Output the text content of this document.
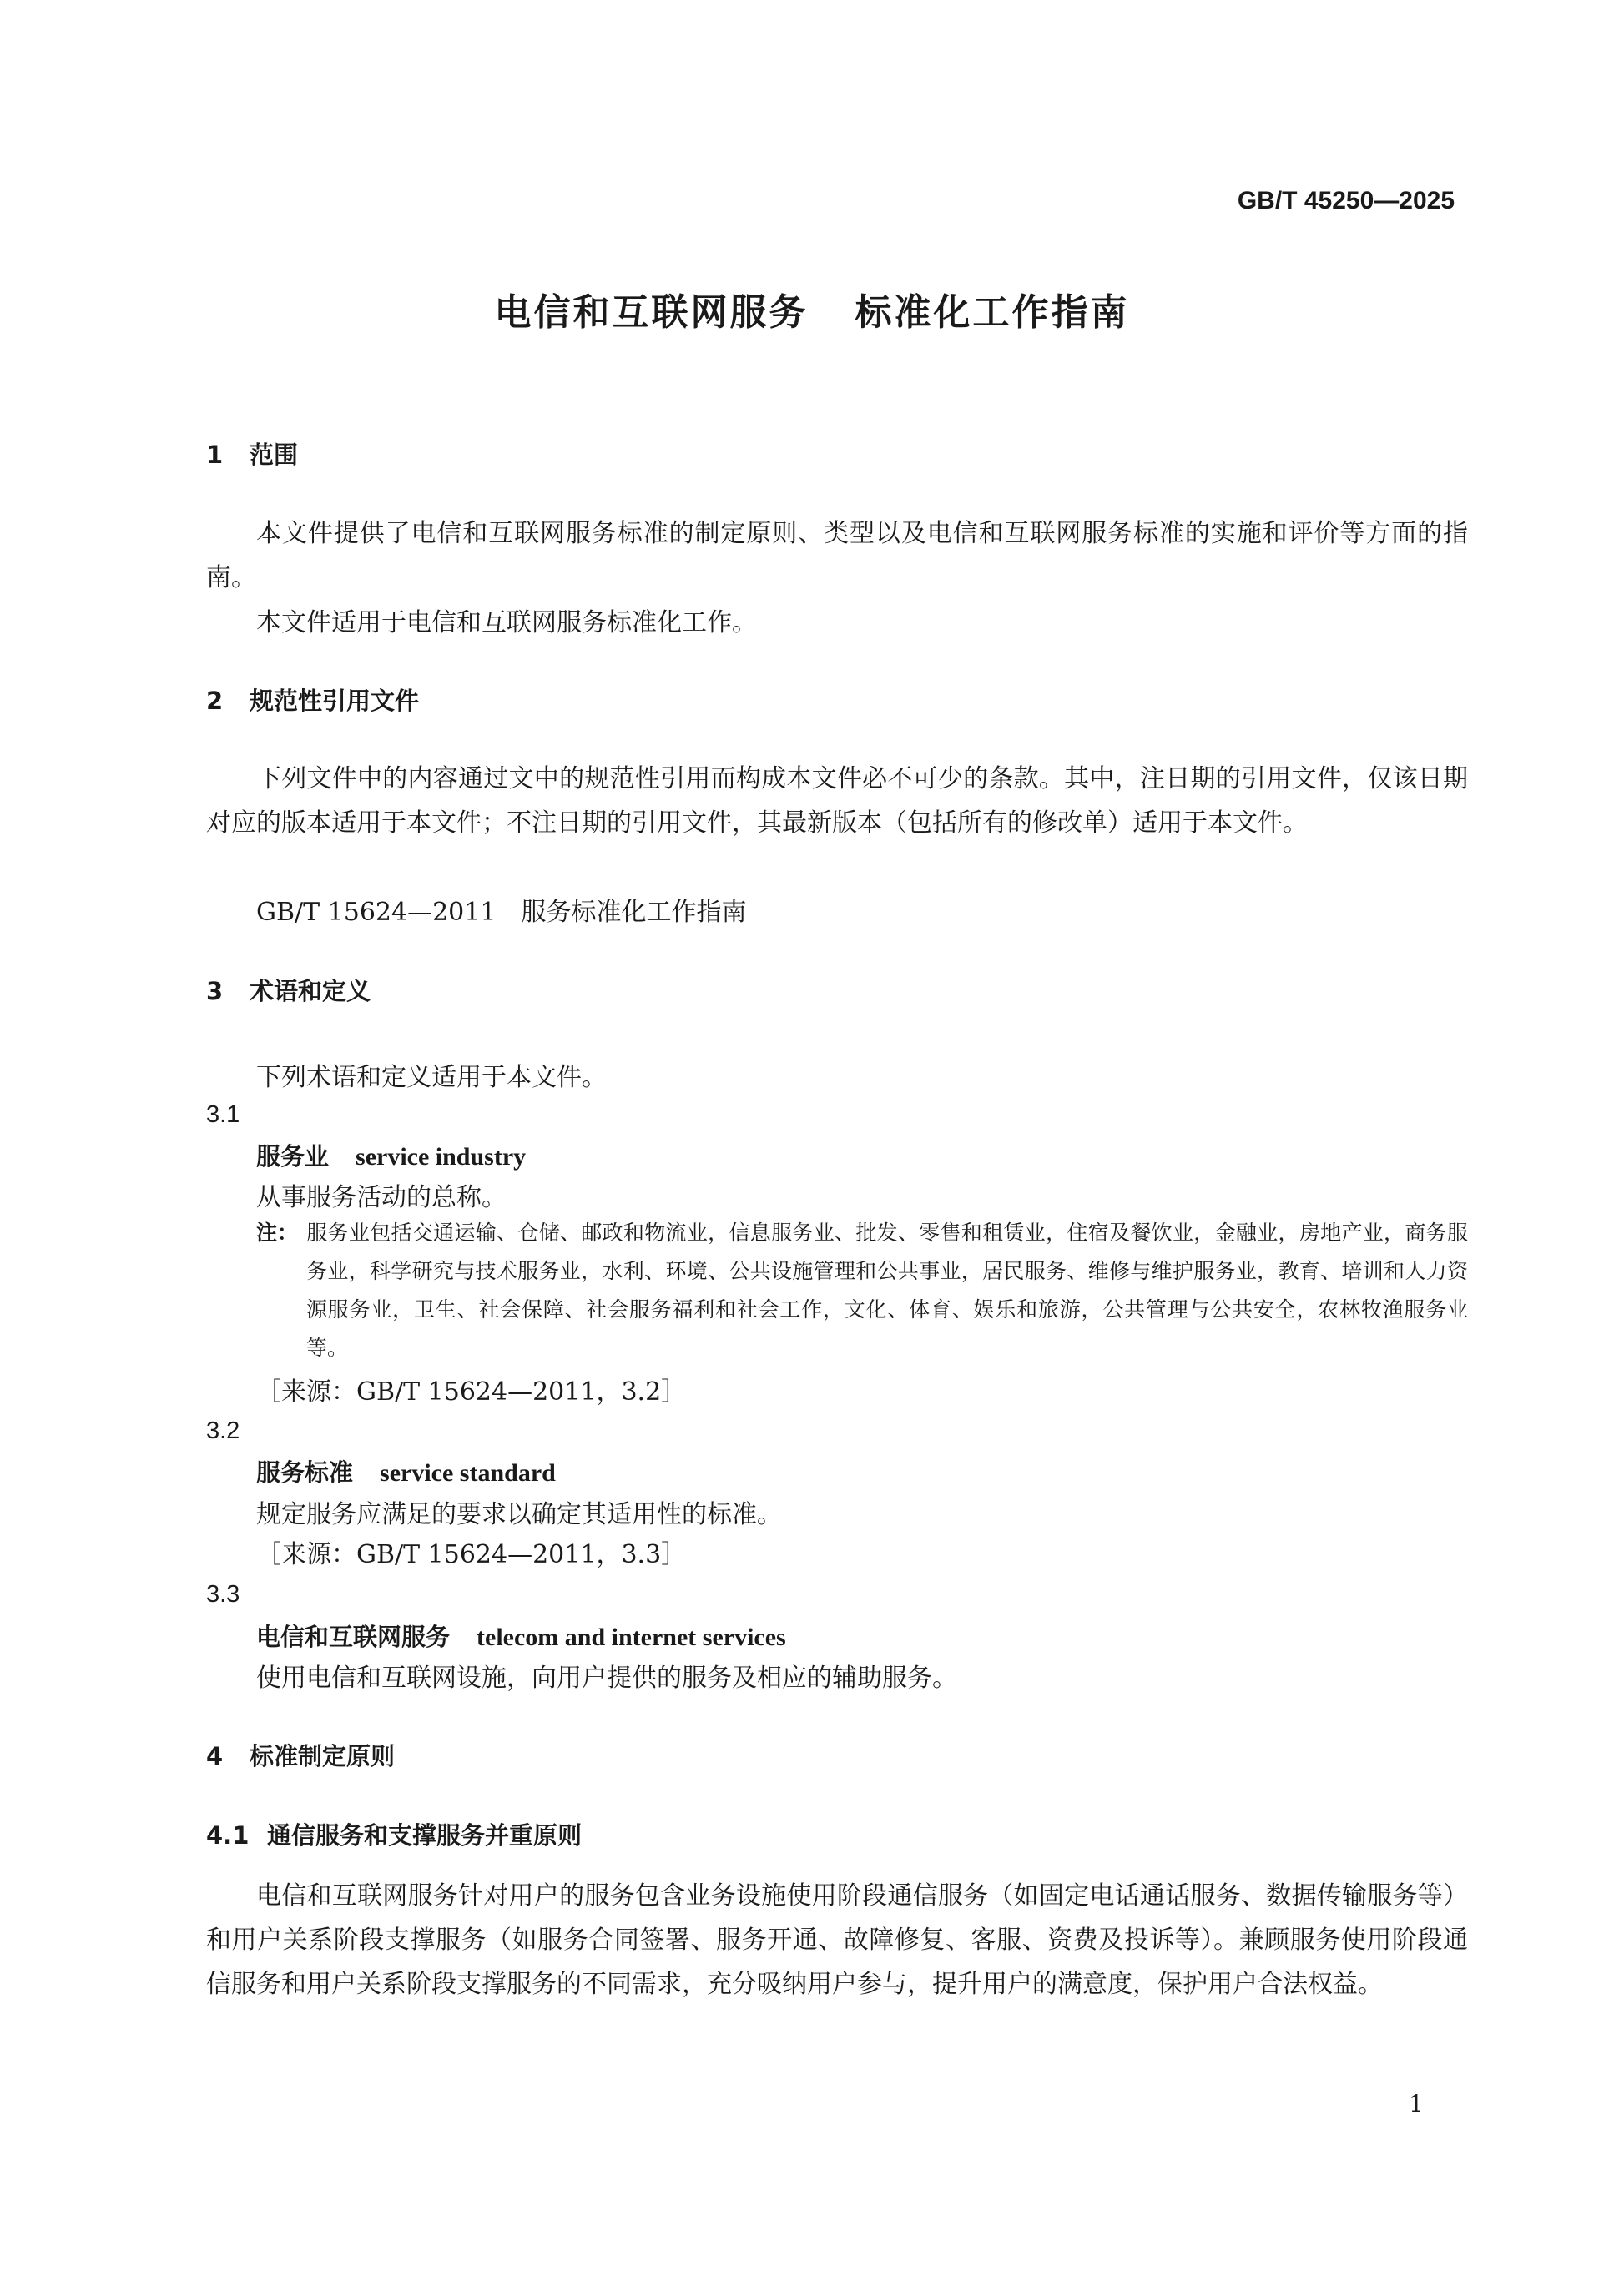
GB/T 45250—2025
电信和互联网服务 标准化工作指南
1 范围
本文件提供了电信和互联网服务标准的制定原则、类型以及电信和互联网服务标准的实施和评价等方面的指南。
本文件适用于电信和互联网服务标准化工作。
2 规范性引用文件
下列文件中的内容通过文中的规范性引用而构成本文件必不可少的条款。其中，注日期的引用文件，仅该日期对应的版本适用于本文件；不注日期的引用文件，其最新版本（包括所有的修改单）适用于本文件。
GB/T 15624—2011　服务标准化工作指南
3 术语和定义
下列术语和定义适用于本文件。
3.1
服务业 service industry
从事服务活动的总称。
注： 服务业包括交通运输、仓储、邮政和物流业，信息服务业、批发、零售和租赁业，住宿及餐饮业，金融业，房地产业，商务服务业，科学研究与技术服务业，水利、环境、公共设施管理和公共事业，居民服务、维修与维护服务业，教育、培训和人力资源服务业，卫生、社会保障、社会服务福利和社会工作，文化、体育、娱乐和旅游，公共管理与公共安全，农林牧渔服务业等。
［来源：GB/T 15624—2011，3.2］
3.2
服务标准 service standard
规定服务应满足的要求以确定其适用性的标准。
［来源：GB/T 15624—2011，3.3］
3.3
电信和互联网服务 telecom and internet services
使用电信和互联网设施，向用户提供的服务及相应的辅助服务。
4 标准制定原则
4.1 通信服务和支撑服务并重原则
电信和互联网服务针对用户的服务包含业务设施使用阶段通信服务（如固定电话通话服务、数据传输服务等）和用户关系阶段支撑服务（如服务合同签署、服务开通、故障修复、客服、资费及投诉等）。兼顾服务使用阶段通信服务和用户关系阶段支撑服务的不同需求，充分吸纳用户参与，提升用户的满意度，保护用户合法权益。
1
